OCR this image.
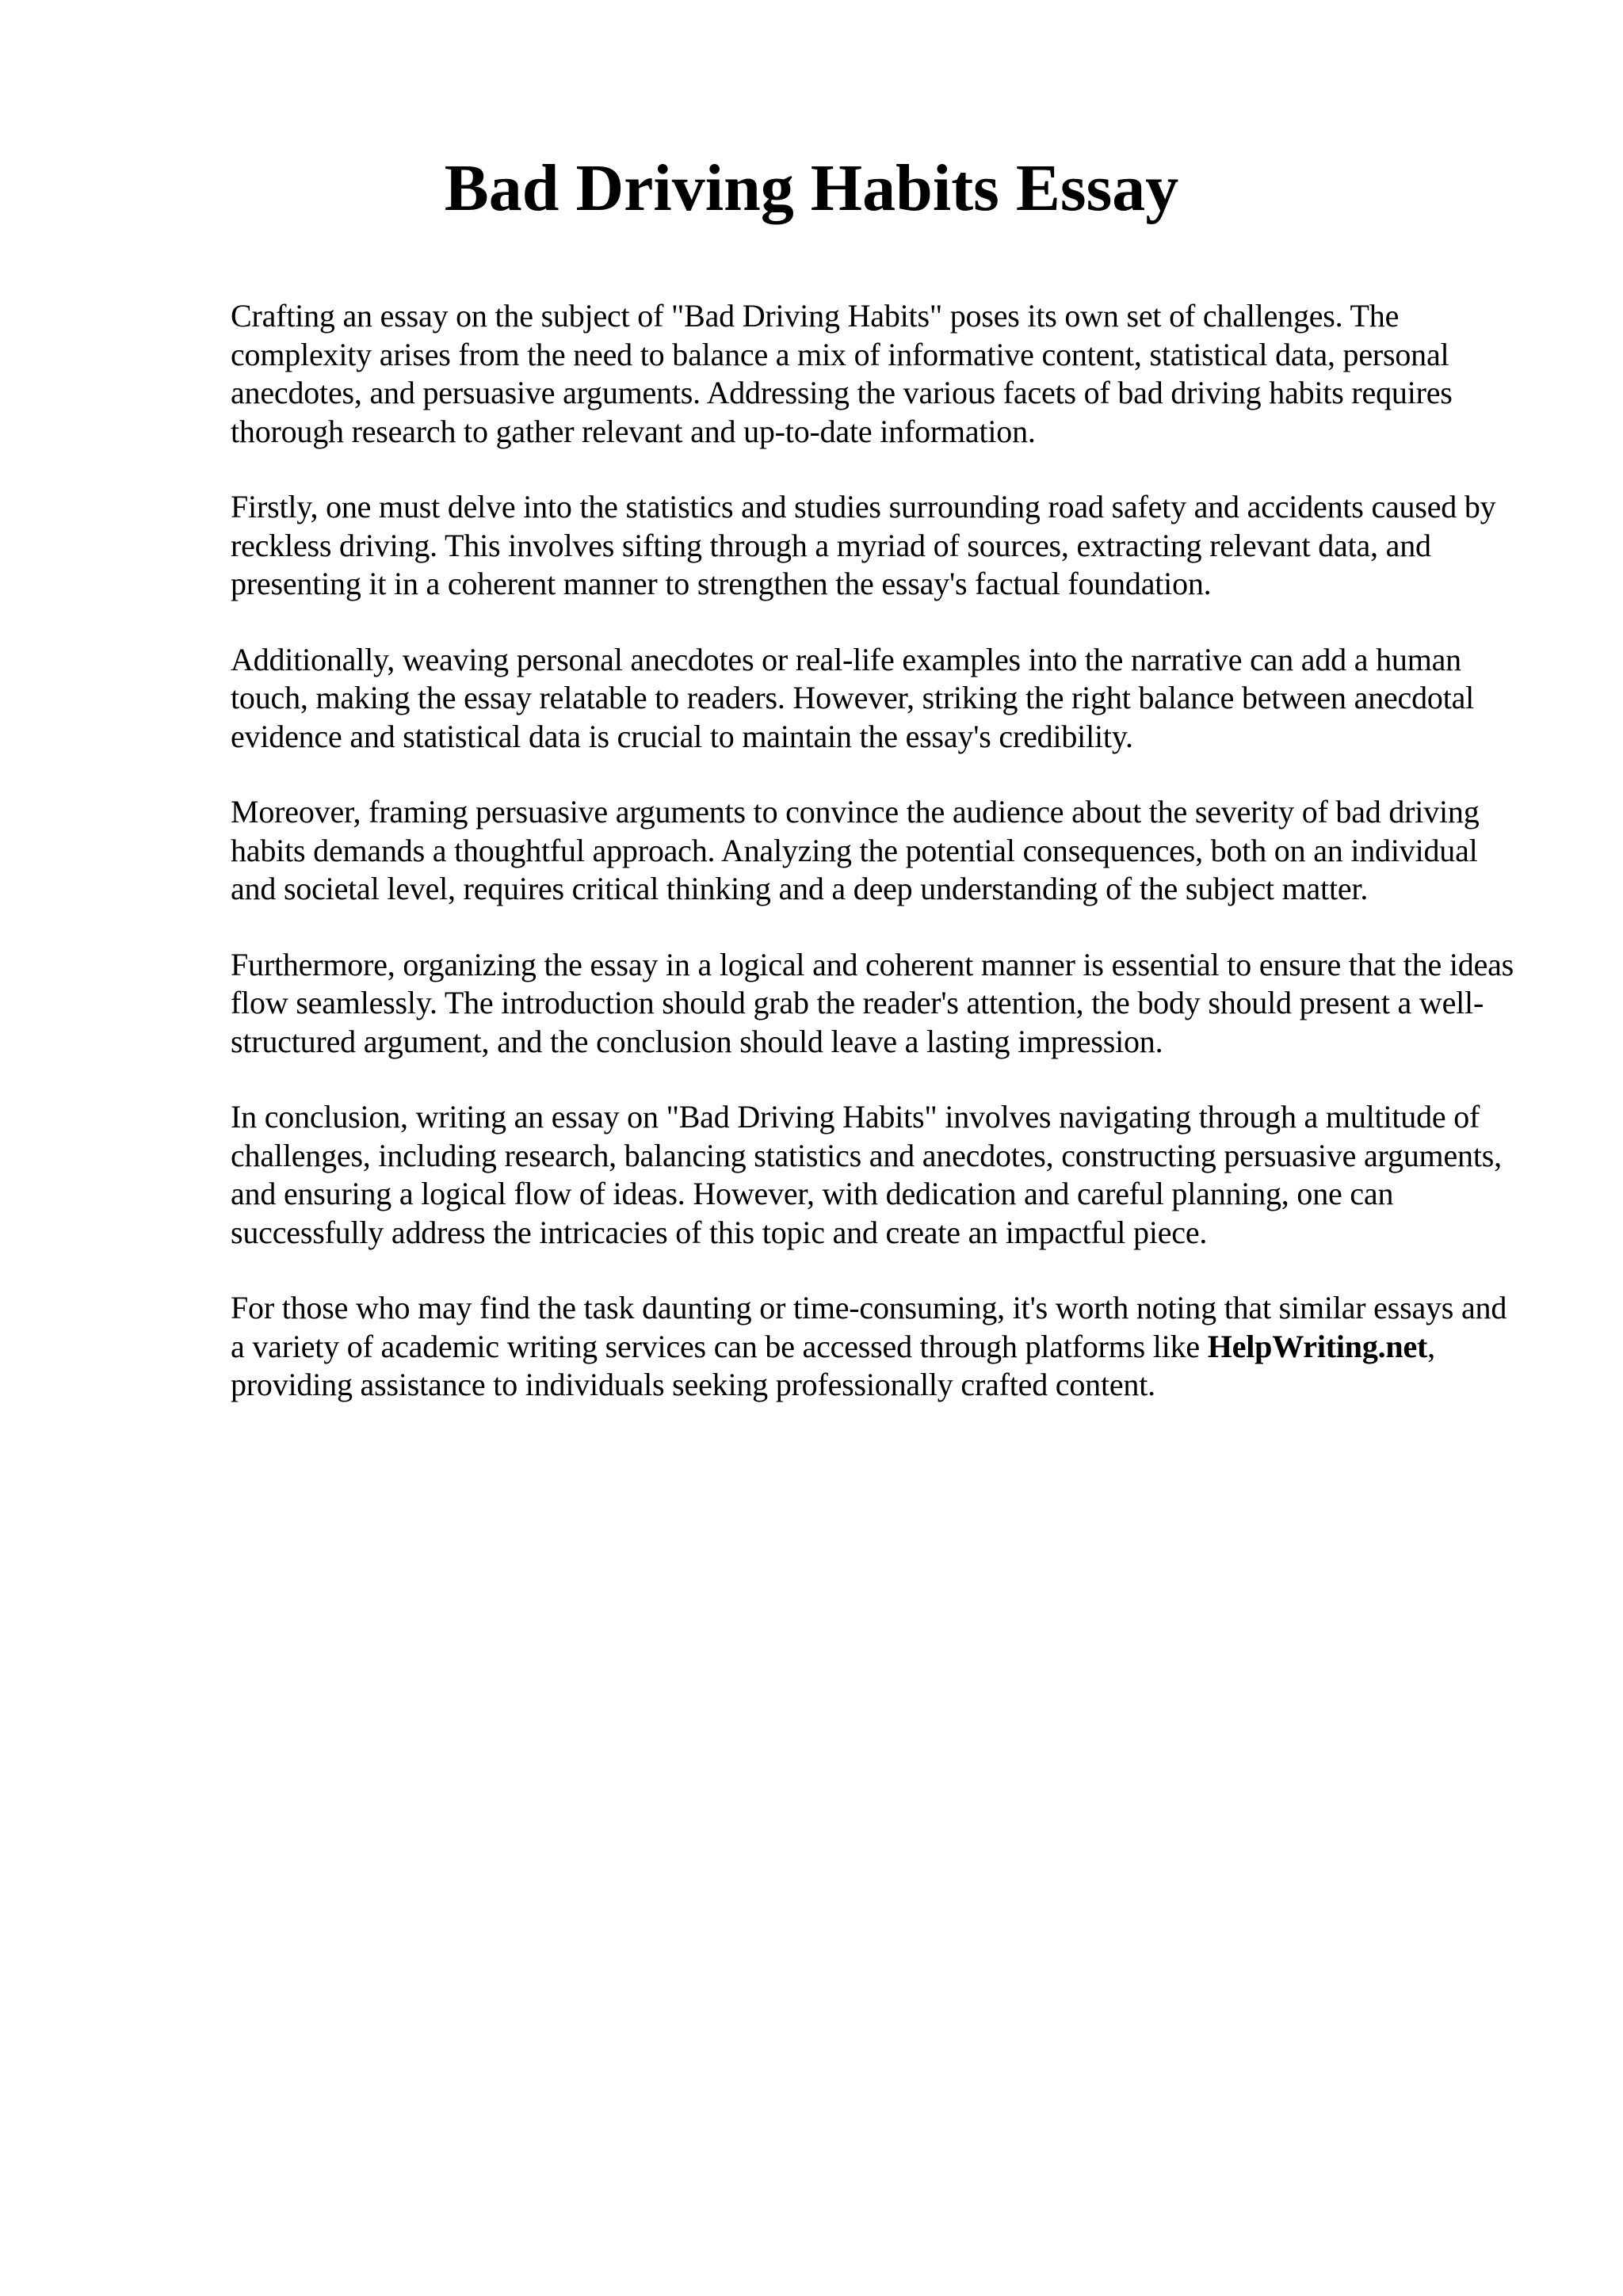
Bad Driving Habits Essay

Crafting an essay on the subject of "Bad Driving Habits" poses its own set of challenges. The complexity arises from the need to balance a mix of informative content, statistical data, personal anecdotes, and persuasive arguments. Addressing the various facets of bad driving habits requires thorough research to gather relevant and up-to-date information.

Firstly, one must delve into the statistics and studies surrounding road safety and accidents caused by reckless driving. This involves sifting through a myriad of sources, extracting relevant data, and presenting it in a coherent manner to strengthen the essay's factual foundation.

Additionally, weaving personal anecdotes or real-life examples into the narrative can add a human touch, making the essay relatable to readers. However, striking the right balance between anecdotal evidence and statistical data is crucial to maintain the essay's credibility.

Moreover, framing persuasive arguments to convince the audience about the severity of bad driving habits demands a thoughtful approach. Analyzing the potential consequences, both on an individual and societal level, requires critical thinking and a deep understanding of the subject matter.

Furthermore, organizing the essay in a logical and coherent manner is essential to ensure that the ideas flow seamlessly. The introduction should grab the reader's attention, the body should present a well-structured argument, and the conclusion should leave a lasting impression.

In conclusion, writing an essay on "Bad Driving Habits" involves navigating through a multitude of challenges, including research, balancing statistics and anecdotes, constructing persuasive arguments, and ensuring a logical flow of ideas. However, with dedication and careful planning, one can successfully address the intricacies of this topic and create an impactful piece.

For those who may find the task daunting or time-consuming, it's worth noting that similar essays and a variety of academic writing services can be accessed through platforms like HelpWriting.net, providing assistance to individuals seeking professionally crafted content.
